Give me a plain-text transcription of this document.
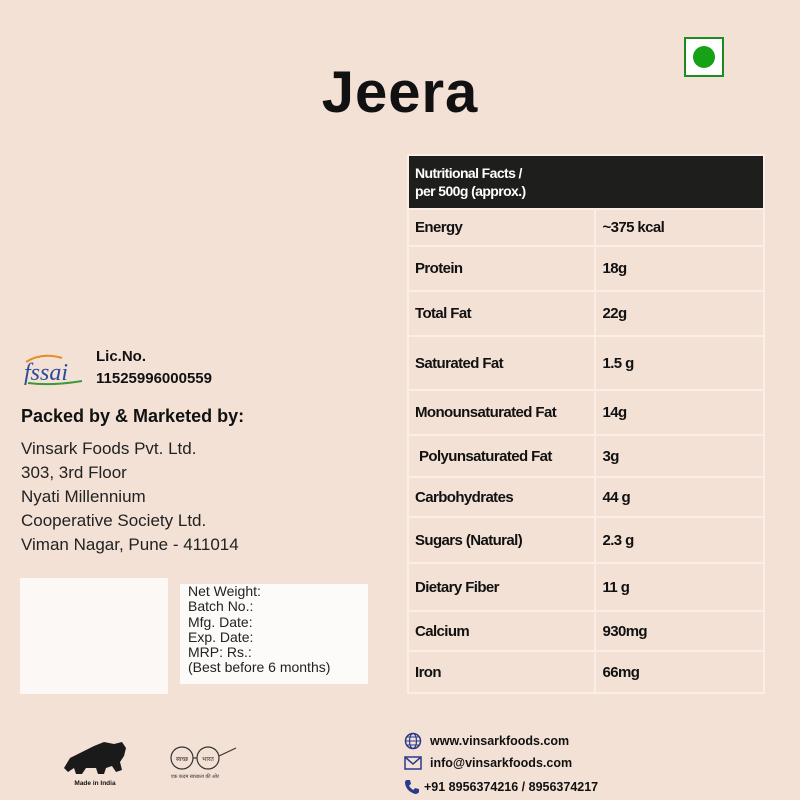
Jeera
Nutritional Facts /
per 500g (approx.)	

Energy	~375 kcal
Protein	18g
Total Fat	22g
Saturated Fat	1.5 g
Monounsaturated Fat	14g
Polyunsaturated Fat	3g
Carbohydrates	44 g
Sugars (Natural)	2.3 g
Dietary Fiber	11 g
Calcium	930mg
Iron	66mg
fssai
Lic.No.
11525996000559
Packed by & Marketed by:
Vinsark Foods Pvt. Ltd.
303, 3rd Floor
Nyati Millennium
Cooperative Society Ltd.
Viman Nagar, Pune - 411014
Net Weight:
Batch No.:
Mfg. Date:
Exp. Date:
MRP: Rs.:
(Best before 6 months)
Made in India
स्वच्छ भारत
एक कदम स्वच्छता की ओर
www.vinsarkfoods.com
info@vinsarkfoods.com
+91 8956374216 / 8956374217
